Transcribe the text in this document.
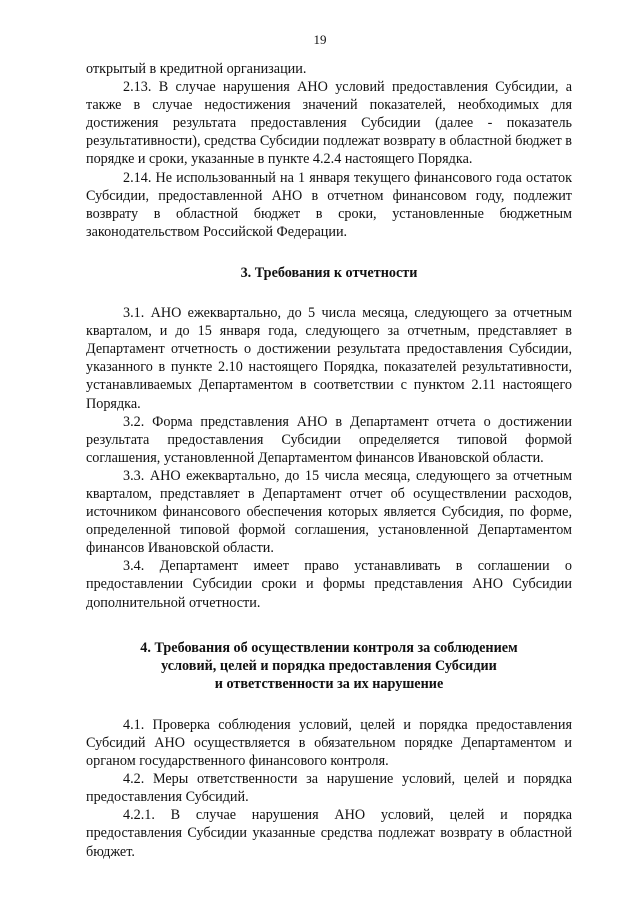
19

открытый в кредитной организации.

2.13. В случае нарушения АНО условий предоставления Субсидии, а также в случае недостижения значений показателей, необходимых для достижения результата предоставления Субсидии (далее - показатель результативности), средства Субсидии подлежат возврату в областной бюджет в порядке и сроки, указанные в пункте 4.2.4 настоящего Порядка.

2.14. Не использованный на 1 января текущего финансового года остаток Субсидии, предоставленной АНО в отчетном финансовом году, подлежит возврату в областной бюджет в сроки, установленные бюджетным законодательством Российской Федерации.

3. Требования к отчетности

3.1. АНО ежеквартально, до 5 числа месяца, следующего за отчетным кварталом, и до 15 января года, следующего за отчетным, представляет в Департамент отчетность о достижении результата предоставления Субсидии, указанного в пункте 2.10 настоящего Порядка, показателей результативности, устанавливаемых Департаментом в соответствии с пунктом 2.11 настоящего Порядка.

3.2. Форма представления АНО в Департамент отчета о достижении результата предоставления Субсидии определяется типовой формой соглашения, установленной Департаментом финансов Ивановской области.

3.3. АНО ежеквартально, до 15 числа месяца, следующего за отчетным кварталом, представляет в Департамент отчет об осуществлении расходов, источником финансового обеспечения которых является Субсидия, по форме, определенной типовой формой соглашения, установленной Департаментом финансов Ивановской области.

3.4. Департамент имеет право устанавливать в соглашении о предоставлении Субсидии сроки и формы представления АНО Субсидии дополнительной отчетности.

4. Требования об осуществлении контроля за соблюдением
условий, целей и порядка предоставления Субсидии
и ответственности за их нарушение

4.1. Проверка соблюдения условий, целей и порядка предоставления Субсидий АНО осуществляется в обязательном порядке Департаментом и органом государственного финансового контроля.

4.2. Меры ответственности за нарушение условий, целей и порядка предоставления Субсидий.

4.2.1. В случае нарушения АНО условий, целей и порядка предоставления Субсидии указанные средства подлежат возврату в областной бюджет.
